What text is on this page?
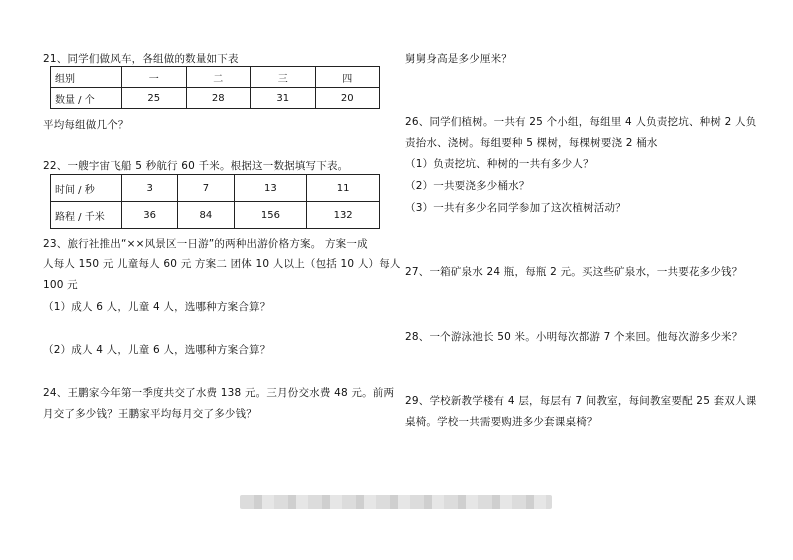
21、同学们做风车，各组做的数量如下表
组别	一	二	三	四
数量 / 个	25	28	31	20
平均每组做几个？
22、一艘宇宙飞船 5 秒航行 60 千米。根据这一数据填写下表。
时间 / 秒	3	7	13	11
路程 / 千米	36	84	156	132
23、旅行社推出“××风景区一日游”的两种出游价格方案。 方案一成
人每人 150 元 儿童每人 60 元 方案二 团体 10 人以上（包括 10 人）每人
100 元
（1）成人 6 人，儿童 4 人，选哪种方案合算？
（2）成人 4 人，儿童 6 人，选哪种方案合算？
24、王鹏家今年第一季度共交了水费 138 元。三月份交水费 48 元。前两
月交了多少钱？王鹏家平均每月交了多少钱？
舅舅身高是多少厘米？
26、同学们植树。一共有 25 个小组，每组里 4 人负责挖坑、种树 2 人负
责抬水、浇树。每组要种 5 棵树，每棵树要浇 2 桶水
（1）负责挖坑、种树的一共有多少人？
（2）一共要浇多少桶水？
（3）一共有多少名同学参加了这次植树活动？
27、一箱矿泉水 24 瓶，每瓶 2 元。买这些矿泉水，一共要花多少钱？
28、一个游泳池长 50 米。小明每次都游 7 个来回。他每次游多少米？
29、学校新教学楼有 4 层，每层有 7 间教室，每间教室要配 25 套双人课
桌椅。学校一共需要购进多少套课桌椅？
